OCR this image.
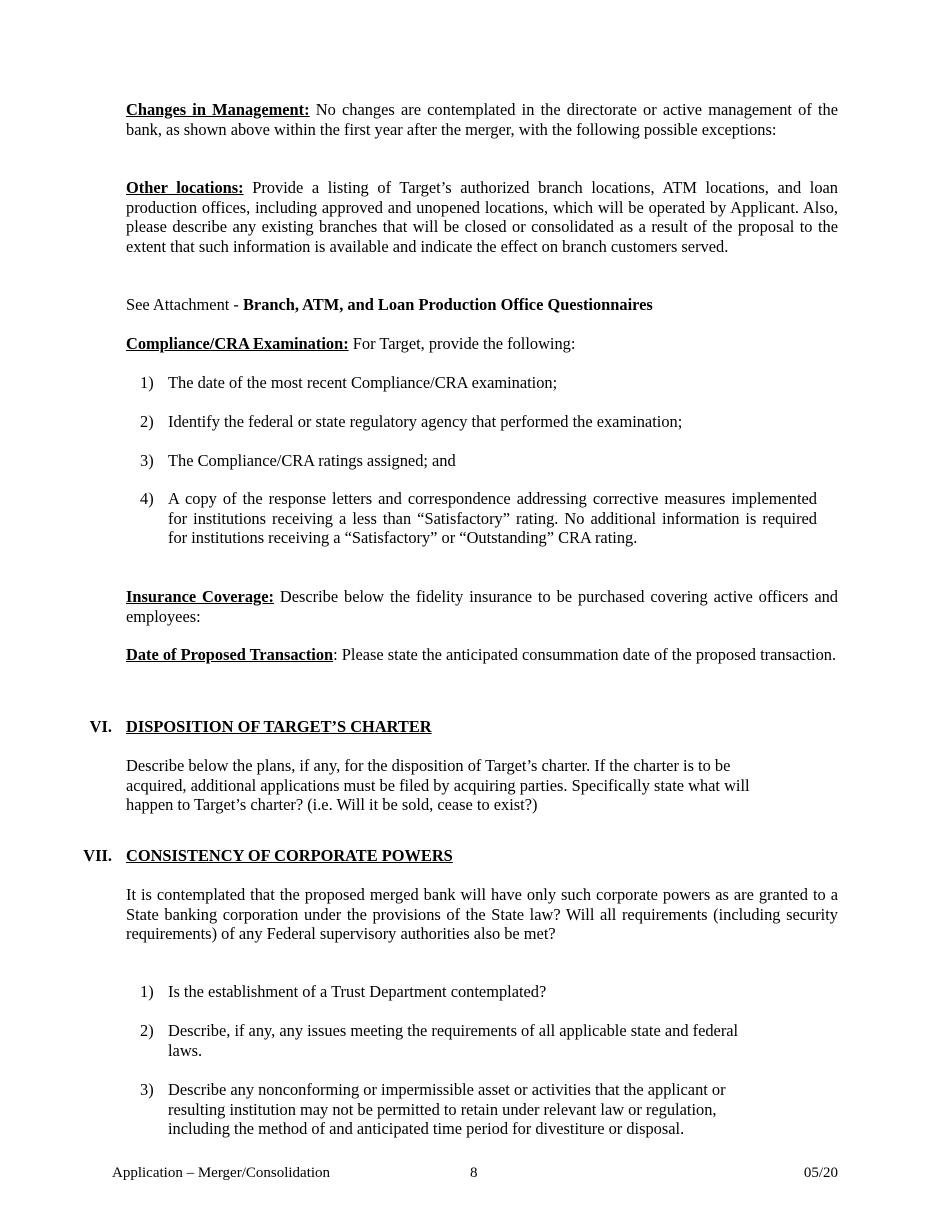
Changes in Management: No changes are contemplated in the directorate or active management of the bank, as shown above within the first year after the merger, with the following possible exceptions:

Other locations: Provide a listing of Target’s authorized branch locations, ATM locations, and loan production offices, including approved and unopened locations, which will be operated by Applicant. Also, please describe any existing branches that will be closed or consolidated as a result of the proposal to the extent that such information is available and indicate the effect on branch customers served.

See Attachment - Branch, ATM, and Loan Production Office Questionnaires

Compliance/CRA Examination: For Target, provide the following:

1) The date of the most recent Compliance/CRA examination;

2) Identify the federal or state regulatory agency that performed the examination;

3) The Compliance/CRA ratings assigned; and

4) A copy of the response letters and correspondence addressing corrective measures implemented for institutions receiving a less than “Satisfactory” rating. No additional information is required for institutions receiving a “Satisfactory” or “Outstanding” CRA rating.

Insurance Coverage: Describe below the fidelity insurance to be purchased covering active officers and employees:

Date of Proposed Transaction: Please state the anticipated consummation date of the proposed transaction.

VI. DISPOSITION OF TARGET’S CHARTER

Describe below the plans, if any, for the disposition of Target’s charter. If the charter is to be
acquired, additional applications must be filed by acquiring parties. Specifically state what will
happen to Target’s charter? (i.e. Will it be sold, cease to exist?)

VII. CONSISTENCY OF CORPORATE POWERS

It is contemplated that the proposed merged bank will have only such corporate powers as are granted to a State banking corporation under the provisions of the State law? Will all requirements (including security requirements) of any Federal supervisory authorities also be met?

1) Is the establishment of a Trust Department contemplated?

2) Describe, if any, any issues meeting the requirements of all applicable state and federal
laws.

3) Describe any nonconforming or impermissible asset or activities that the applicant or
resulting institution may not be permitted to retain under relevant law or regulation,
including the method of and anticipated time period for divestiture or disposal.

Application – Merger/Consolidation	8	05/20
